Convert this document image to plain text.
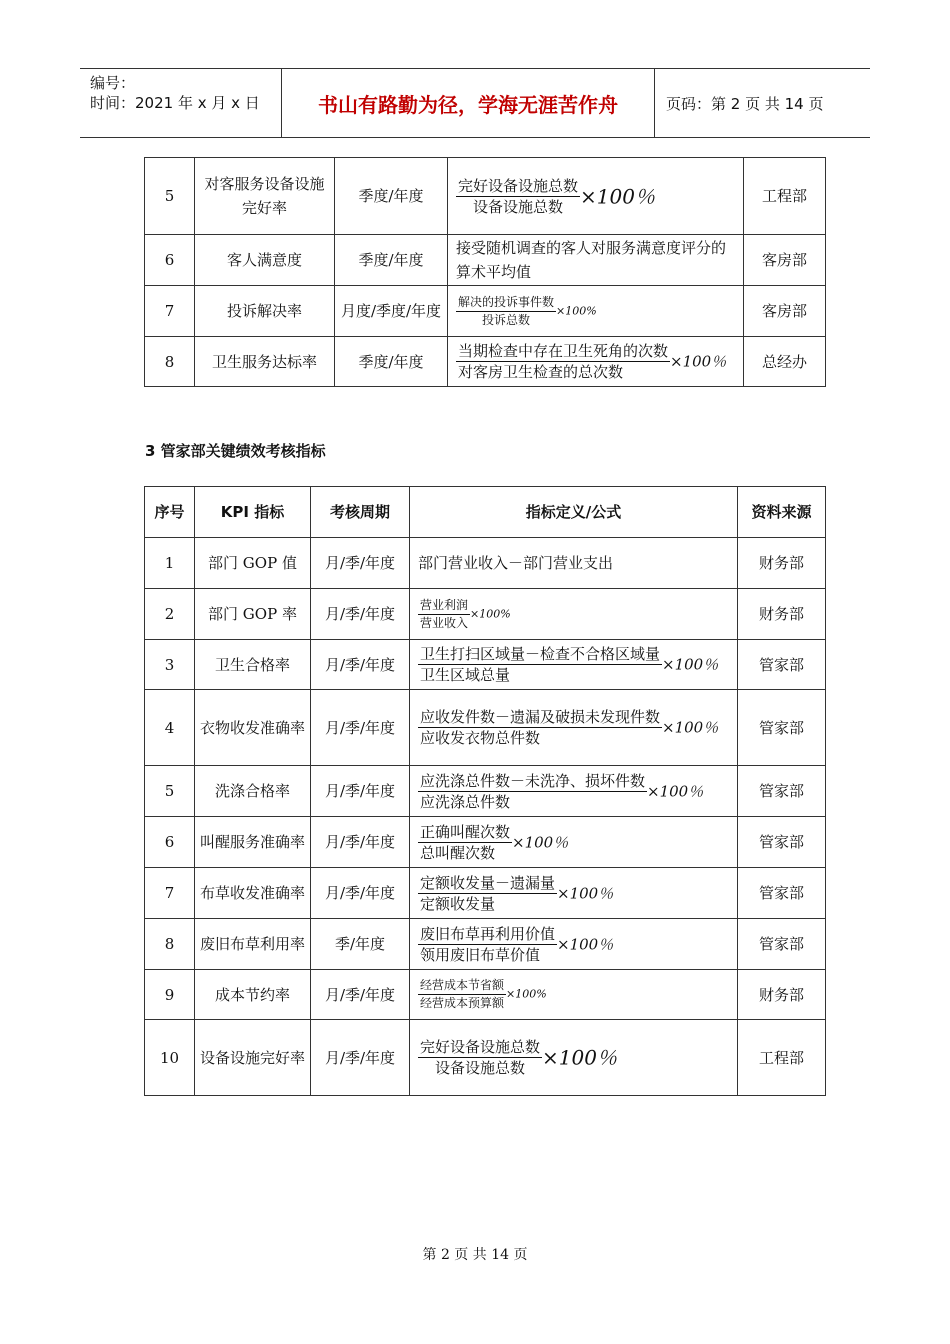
编号：
时间：2021 年 x 月 x 日	书山有路勤为径，学海无涯苦作舟	页码：第 2 页 共 14 页
5	对客服务设备设施完好率	季度/年度	$\frac{\text{完好设备设施总数}}{\text{设备设施总数}} \times 100$％	工程部
6	客人满意度	季度/年度	接受随机调查的客人对服务满意度评分的算术平均值	客房部
7	投诉解决率	月度/季度/年度	$\frac{\text{解决的投诉事件数}}{\text{投诉总数}} \times 100\%$	客房部
8	卫生服务达标率	季度/年度	$\frac{\text{当期检查中存在卫生死角的次数}}{\text{对客房卫生检查的总次数}} \times 100$％	总经办
3 管家部关键绩效考核指标
序号	KPI 指标	考核周期	指标定义/公式	资料来源
1	部门 GOP 值	月/季/年度	部门营业收入－部门营业支出	财务部
2	部门 GOP 率	月/季/年度	$\frac{\text{营业利润}}{\text{营业收入}} \times 100\%$	财务部
3	卫生合格率	月/季/年度	$\frac{\text{卫生打扫区域量－检查不合格区域量}}{\text{卫生区域总量}} \times 100$％	管家部
4	衣物收发准确率	月/季/年度	$\frac{\text{应收发件数－遗漏及破损未发现件数}}{\text{应收发衣物总件数}} \times 100$％	管家部
5	洗涤合格率	月/季/年度	$\frac{\text{应洗涤总件数－未洗净、损坏件数}}{\text{应洗涤总件数}} \times 100$％	管家部
6	叫醒服务准确率	月/季/年度	$\frac{\text{正确叫醒次数}}{\text{总叫醒次数}} \times 100$％	管家部
7	布草收发准确率	月/季/年度	$\frac{\text{定额收发量－遗漏量}}{\text{定额收发量}} \times 100$％	管家部
8	废旧布草利用率	季/年度	$\frac{\text{废旧布草再利用价值}}{\text{领用废旧布草价值}} \times 100$％	管家部
9	成本节约率	月/季/年度	$\frac{\text{经营成本节省额}}{\text{经营成本预算额}} \times 100\%$	财务部
10	设备设施完好率	月/季/年度	$\frac{\text{完好设备设施总数}}{\text{设备设施总数}} \times 100$％	工程部
第 2 页 共 14 页
